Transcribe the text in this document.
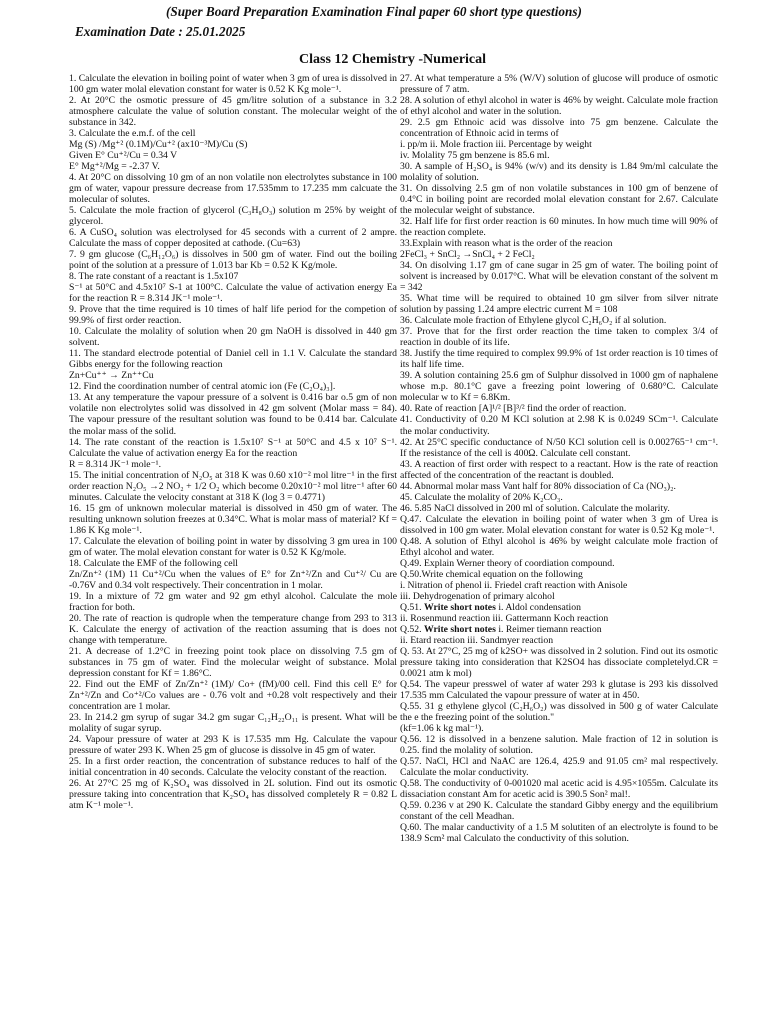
(Super Board Preparation Examination Final paper 60 short type questions)
Examination Date : 25.01.2025
Class 12 Chemistry -Numerical
1. Calculate the elevation in boiling point of water when 3 gm of urea is dissolved in 100 gm water molal elevation constant for water is 0.52 K Kg mole⁻¹.
2. At 20°C the osmotic pressure of 45 gm/litre solution of a substance in 3.2 atmosphere calculate the value of solution constant. The molecular weight of the substance in 342.
3. Calculate the e.m.f. of the cell
Mg (S) /Mg⁺² (0.1M)/Cu⁺² (ax10⁻³M)/Cu (S)
Given E° Cu⁺²/Cu = 0.34 V
E° Mg⁺²/Mg = -2.37 V.
4. At 20°C on dissolving 10 gm of an non volatile non electrolytes substance in 100 gm of water, vapour pressure decrease from 17.535mm to 17.235 mm calcuate the molecular of solutes.
5. Calculate the mole fraction of glycerol (C₃H₈O₃) solution m 25% by weight of glycerol.
6. A CuSO₄ solution was electrolysed for 45 seconds with a current of 2 ampre. Calculate the mass of copper deposited at cathode. (Cu=63)
7. 9 gm glucose (C₆H₁₂O₆) is dissolves in 500 gm of water. Find out the boiling point of the solution at a pressure of 1.013 bar Kb = 0.52 K Kg/mole.
8. The rate constant of a reactant is 1.5x107
S⁻¹ at 50°C and 4.5x10⁷ S-1 at 100°C. Calculate the value of activation energy Ea for the reaction R = 8.314 JK⁻¹ mole⁻¹.
9. Prove that the time required is 10 times of half life period for the competion of 99.9% of first order reaction.
10. Calculate the molality of solution when 20 gm NaOH is dissolved in 440 gm solvent.
11. The standard electrode potential of Daniel cell in 1.1 V. Calculate the standard Gibbs energy for the following reaction
Zn+Cu⁺⁺ → Zn⁺⁺Cu
12. Find the coordination number of central atomic ion (Fe (C₂O₄)₃].
13. At any temperature the vapour pressure of a solvent is 0.416 bar o.5 gm of non volatile non electrolytes solid was dissolved in 42 gm solvent (Molar mass = 84). The vapour pressure of the resultant solution was found to be 0.414 bar. Calculate the molar mass of the solid.
14. The rate constant of the reaction is 1.5x10⁷ S⁻¹ at 50°C and 4.5 x 10⁷ S⁻¹. Calculate the value of activation energy Ea for the reaction
R = 8.314 JK⁻¹ mole⁻¹.
15. The initial concentration of N₂O₅ at 318 K was 0.60 x10⁻² mol litre⁻¹ in the first order reaction N₂O₅ →2 NO₂ + 1/2 O₂ which become 0.20x10⁻² mol litre⁻¹ after 60 minutes. Calculate the velocity constant at 318 K (log 3 = 0.4771)
16. 15 gm of unknown molecular material is dissolved in 450 gm of water. The resulting unknown solution freezes at 0.34°C. What is molar mass of material? Kf = 1.86 K Kg mole⁻¹.
17. Calculate the elevation of boiling point in water by dissolving 3 gm urea in 100 gm of water. The molal elevation constant for water is 0.52 K Kg/mole.
18. Calculate the EMF of the following cell
Zn/Zn⁺² (1M) 11 Cu⁺²/Cu when the values of E° for Zn⁺²/Zn and Cu⁺²/ Cu are -0.76V and 0.34 volt respectively. Their concentration in 1 molar.
19. In a mixture of 72 gm water and 92 gm ethyl alcohol. Calculate the mole fraction for both.
20. The rate of reaction is qudrople when the temperature change from 293 to 313 K. Calculate the energy of activation of the reaction assuming that is does not change with temperature.
21. A decrease of 1.2°C in freezing point took place on dissolving 7.5 gm of substances in 75 gm of water. Find the molecular weight of substance. Molal depression constant for Kf = 1.86°C.
22. Find out the EMF of Zn/Zn⁺² (1M)/ Co+ (fM)/00 cell. Find this cell E° for Zn⁺²/Zn and Co⁺²/Co values are - 0.76 volt and +0.28 volt respectively and their concentration are 1 molar.
23. In 214.2 gm syrup of sugar 34.2 gm sugar C₁₂H₂₂O₁₁ is present. What will be molality of sugar syrup.
24. Vapour pressure of water at 293 K is 17.535 mm Hg. Calculate the vapour pressure of water 293 K. When 25 gm of glucose is dissolve in 45 gm of water.
25. In a first order reaction, the concentration of substance reduces to half of the initial concentration in 40 seconds. Calculate the velocity constant of the reaction.
26. At 27°C 25 mg of K₂SO₄ was dissolved in 2L solution. Find out its osmotic pressure taking into concentration that K₂SO₄ has dissolved completely R = 0.82 L atm K⁻¹ mole⁻¹.
27. At what temperature a 5% (W/V) solution of glucose will produce of osmotic pressure of 7 atm.
28. A solution of ethyl alcohol in water is 46% by weight. Calculate mole fraction of ethyl alcohol and water in the solution.
29. 2.5 gm Ethnoic acid was dissolve into 75 gm benzene. Calculate the concentration of Ethnoic acid in terms of
i. pp/m ii. Mole fraction iii. Percentage by weight
iv. Molality 75 gm benzene is 85.6 ml.
30. A sample of H₂SO₄ is 94% (w/v) and its density is 1.84 9m/ml calculate the molality of solution.
31. On dissolving 2.5 gm of non volatile substances in 100 gm of benzene of 0.4°C in boiling point are recorded molal elevation constant for 2.67. Calculate the molecular weight of substance.
32. Half life for first order reaction is 60 minutes. In how much time will 90% of the reaction complete.
33.Explain with reason what is the order of the reacion
2FeCl₃ + SnCl₂ →SnCl₄ + 2 FeCl₂
34. On disolving 1.17 gm of cane sugar in 25 gm of water. The boiling point of solvent is increased by 0.017°C. What will be elevation constant of the solvent m = 342
35. What time will be required to obtained 10 gm silver from silver nitrate solution by passing 1.24 ampre electric current M = 108
36. Calculate mole fraction of Ethylene glycol C₂H₆O₂ if al solution.
37. Prove that for the first order reaction the time taken to complex 3/4 of reaction in double of its life.
38. Justify the time required to complex 99.9% of 1st order reaction is 10 times of its half life time.
39. A solution containing 25.6 gm of Sulphur dissolved in 1000 gm of naphalene whose m.p. 80.1°C gave a freezing point lowering of 0.680°C. Calculate molecular w to Kf = 6.8Km.
40. Rate of reaction [A]¹/² [B]³/² find the order of reaction.
41. Conductivity of 0.20 M KCl solution at 2.98 K is 0.0249 SCm⁻¹. Calculate the molar conductivity.
42. At 25°C specific conductance of N/50 KCl solution cell is 0.002765⁻¹ cm⁻¹. If the resistance of the cell is 400Ω. Calculate cell constant.
43. A reaction of first order with respect to a reactant. How is the rate of reaction affected of the concentration of the reactant is doubled.
44. Abnormal molar mass Vant half for 80% dissociation of Ca (NO₃)₂.
45. Calculate the molality of 20% K₂CO₃.
46. 5.85 NaCl dissolved in 200 ml of solution. Calculate the molarity.
Q.47. Calculate the elevation in boiling point of water when 3 gm of Urea is dissolved in 100 gm water. Molal elevation constant for water is 0.52 Kg mole⁻¹.
Q.48. A solution of Ethyl alcohol is 46% by weight calculate mole fraction of Ethyl alcohol and water.
Q.49. Explain Werner theory of coordiation compound.
Q.50.Write chemical equation on the following
i. Nitration of phenol ii. Friedel craft reaction with Anisole
iii. Dehydrogenation of primary alcohol
Q.51. Write short notes i. Aldol condensation
ii. Rosenmund reaction iii. Gattermann Koch reaction
Q.52. Write short notes i. Reimer tiemann reaction
ii. Etard reaction iii. Sandmyer reaction
Q. 53. At 27°C, 25 mg of k2SO+ was dissolved in 2 solution. Find out its osmotic pressure taking into consideration that K2SO4 has dissociate completelyd.CR = 0.0021 atm k mol)
Q.54. The vapeur presswel of water af water 293 k glutase is 293 kis dissolved 17.535 mm Calculated the vapour pressure of water at in 450.
Q.55. 31 g ethylene glycol (C₂H₆O₂) was dissolved in 500 g of water Calculate the e the freezing point of the solution."
(kf=1.06 k kg mal⁻¹).
Q.56. 12 is dissolved in a benzene salution. Male fraction of 12 in solution is 0.25. find the molality of solution.
Q.57. NaCl, HCl and NaAC are 126.4, 425.9 and 91.05 cm² mal respectively. Calculate the molar conductivity.
Q.58. The conductivity of 0-001020 mal acetic acid is 4.95×1055m. Calculate its dissaciation constant Am for acetic acid is 390.5 Son² mal!.
Q.59. 0.236 v at 290 K. Calculate the standard Gibby energy and the equilibrium constant of the cell Meadhan.
Q.60. The malar canductivity of a 1.5 M solutiten of an electrolyte is found to be 138.9 Scm² mal Calculato the conductivity of this solution.
